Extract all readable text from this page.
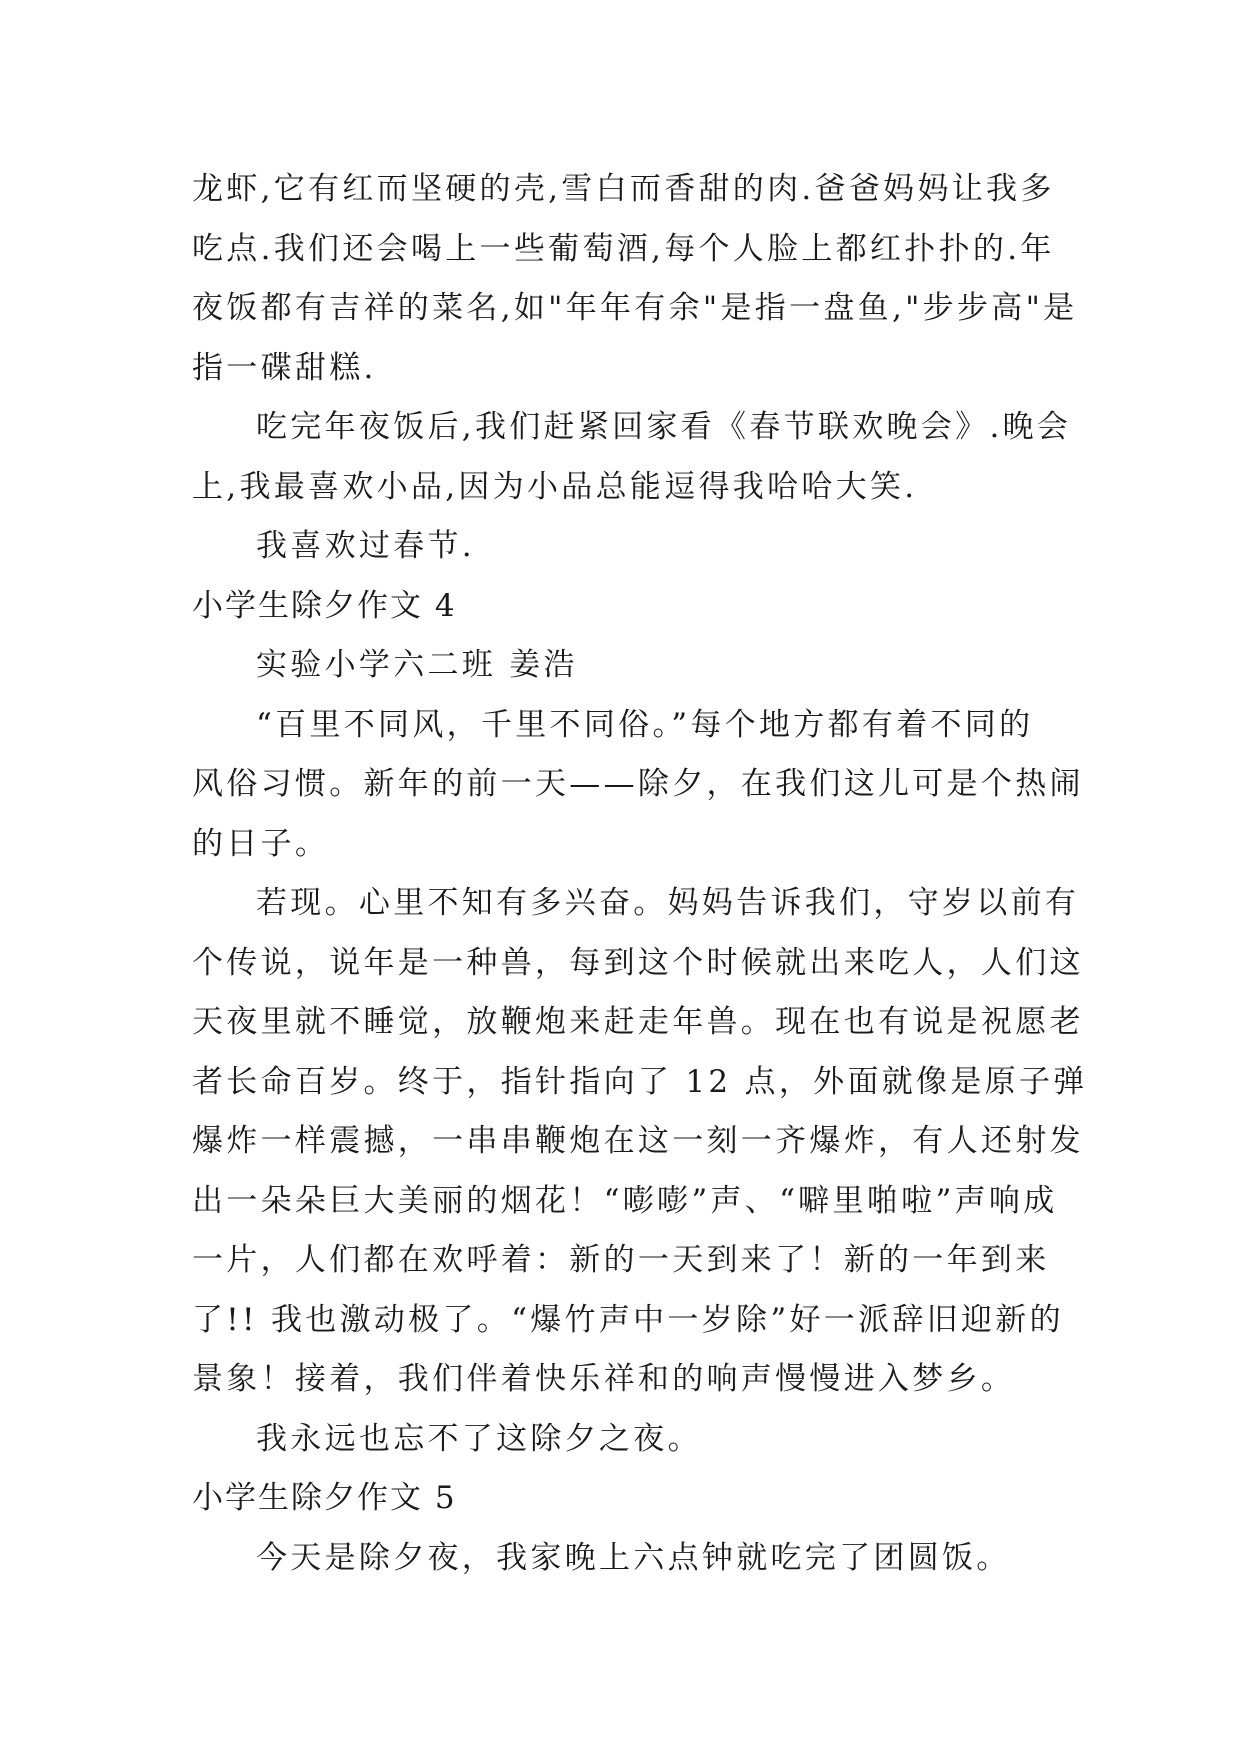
龙虾,它有红而坚硬的壳,雪白而香甜的肉.爸爸妈妈让我多
吃点.我们还会喝上一些葡萄酒,每个人脸上都红扑扑的.年
夜饭都有吉祥的菜名,如"年年有余"是指一盘鱼,"步步高"是
指一碟甜糕.
吃完年夜饭后,我们赶紧回家看《春节联欢晚会》.晚会
上,我最喜欢小品,因为小品总能逗得我哈哈大笑.
我喜欢过春节.
小学生除夕作文 4
实验小学六二班 姜浩
“百里不同风，千里不同俗。”每个地方都有着不同的
风俗习惯。新年的前一天——除夕，在我们这儿可是个热闹
的日子。
若现。心里不知有多兴奋。妈妈告诉我们，守岁以前有
个传说，说年是一种兽，每到这个时候就出来吃人，人们这
天夜里就不睡觉，放鞭炮来赶走年兽。现在也有说是祝愿老
者长命百岁。终于，指针指向了 12 点，外面就像是原子弹
爆炸一样震撼，一串串鞭炮在这一刻一齐爆炸，有人还射发
出一朵朵巨大美丽的烟花！“嘭嘭”声、“噼里啪啦”声响成
一片，人们都在欢呼着：新的一天到来了！新的一年到来
了!! 我也激动极了。“爆竹声中一岁除”好一派辞旧迎新的
景象！接着，我们伴着快乐祥和的响声慢慢进入梦乡。
我永远也忘不了这除夕之夜。
小学生除夕作文 5
今天是除夕夜，我家晚上六点钟就吃完了团圆饭。
